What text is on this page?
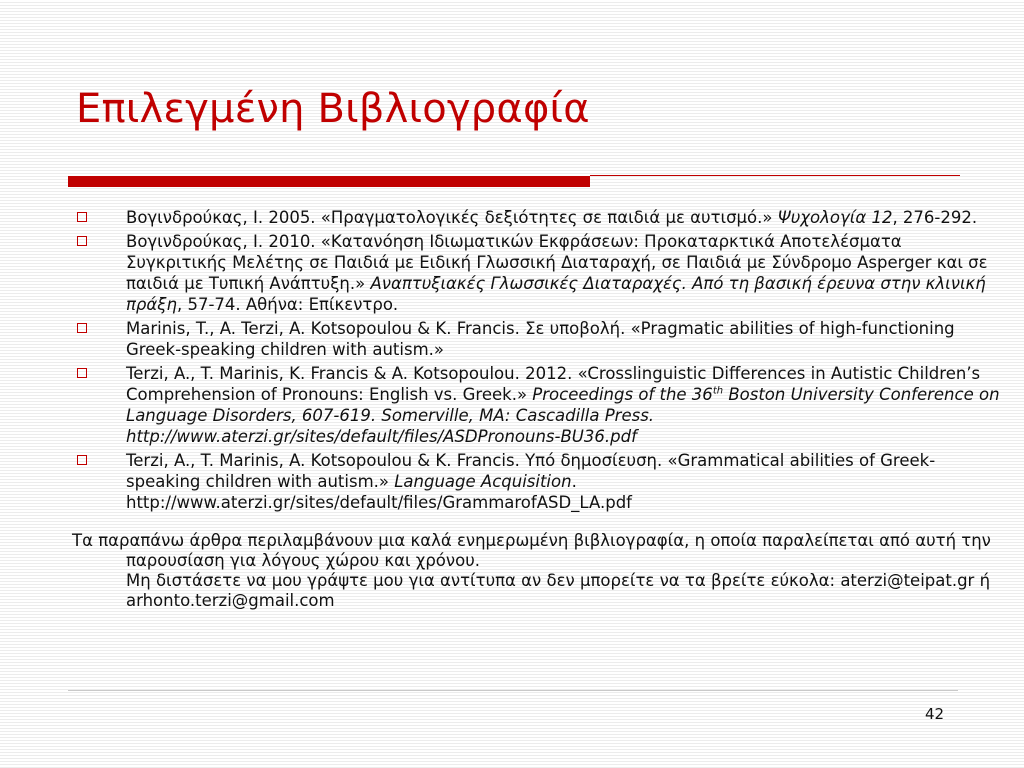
Επιλεγμένη Βιβλιογραφία
Βογινδρούκας, Ι. 2005. «Πραγματολογικές δεξιότητες σε παιδιά με αυτισμό.» Ψυχολογία 12, 276-292.
Βογινδρούκας, Ι. 2010. «Κατανόηση Ιδιωματικών Εκφράσεων: Προκαταρκτικά Αποτελέσματα Συγκριτικής Μελέτης σε Παιδιά με Ειδική Γλωσσική Διαταραχή, σε Παιδιά με Σύνδρομο Asperger και σε παιδιά με Τυπική Ανάπτυξη.» Αναπτυξιακές Γλωσσικές Διαταραχές. Από τη βασική έρευνα στην κλινική πράξη, 57-74. Αθήνα: Επίκεντρο.
Marinis, T., A. Terzi, A. Kotsopoulou & K. Francis. Σε υποβολή. «Pragmatic abilities of high-functioning Greek-speaking children with autism.»
Terzi, A., T. Marinis, K. Francis & A. Kotsopoulou. 2012. «Crosslinguistic Differences in Autistic Children’s Comprehension of Pronouns: English vs. Greek.» Proceedings of the 36th Boston University Conference on Language Disorders, 607-619. Somerville, MA: Cascadilla Press. http://www.aterzi.gr/sites/default/files/ASDPronouns-BU36.pdf
Terzi, A., T. Marinis, A. Kotsopoulou & K. Francis. Υπό δημοσίευση. «Grammatical abilities of Greek-speaking children with autism.» Language Acquisition. http://www.aterzi.gr/sites/default/files/GrammarofASD_LA.pdf
Τα παραπάνω άρθρα περιλαμβάνουν μια καλά ενημερωμένη βιβλιογραφία, η οποία παραλείπεται από αυτή την παρουσίαση για λόγους χώρου και χρόνου.
Μη διστάσετε να μου γράψτε μου για αντίτυπα αν δεν μπορείτε να τα βρείτε εύκολα: aterzi@teipat.gr ή arhonto.terzi@gmail.com
42
